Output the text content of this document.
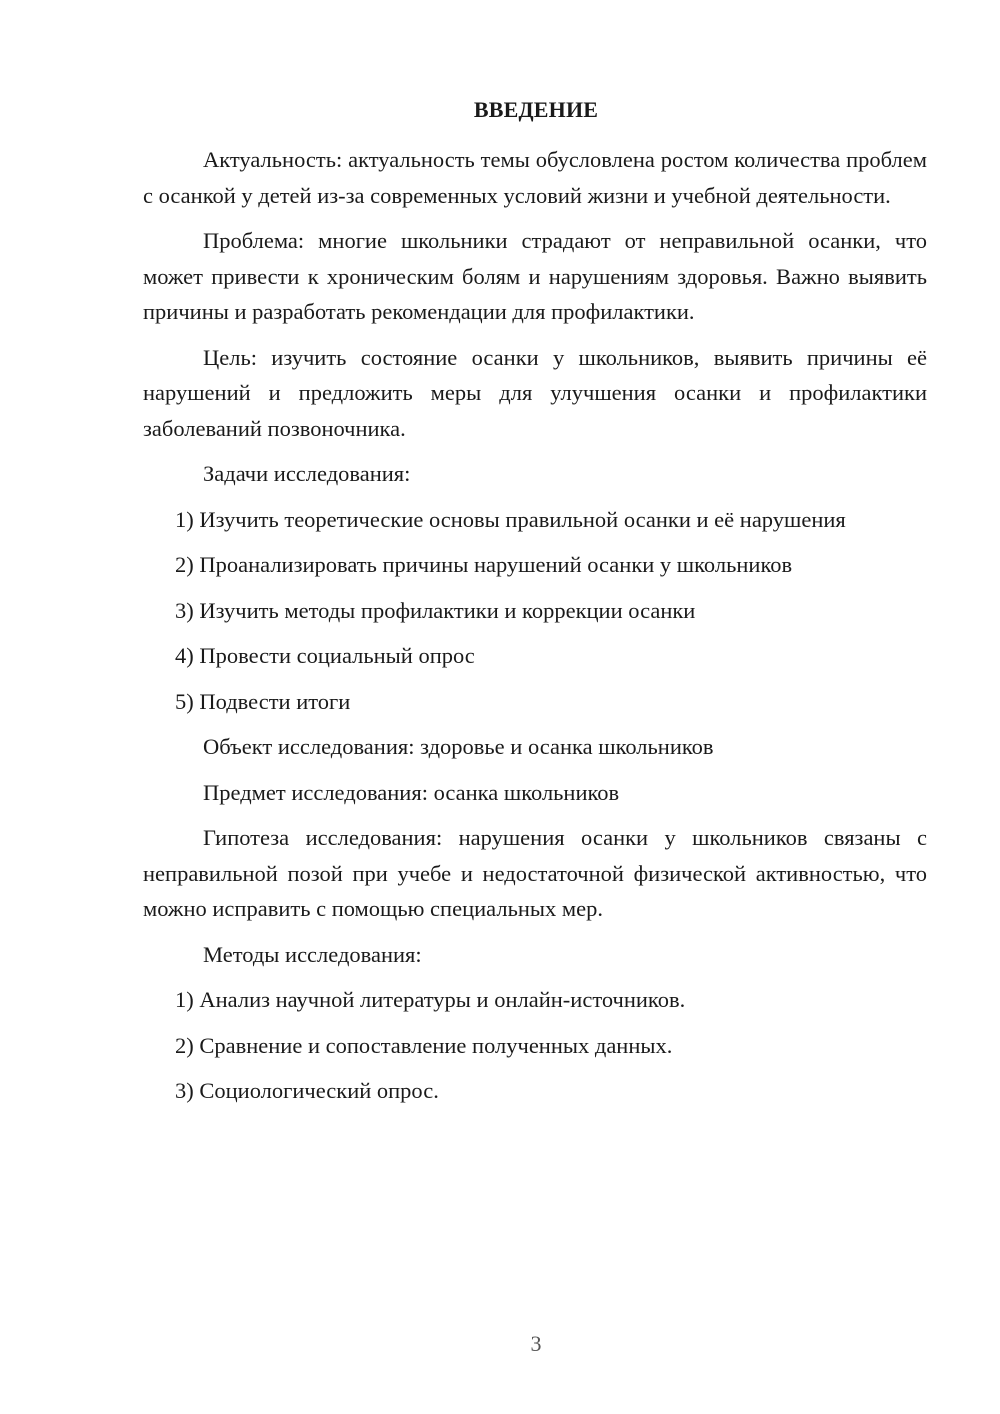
ВВЕДЕНИЕ

Актуальность: актуальность темы обусловлена ростом количества проблем с осанкой у детей из-за современных условий жизни и учебной деятельности.

Проблема: многие школьники страдают от неправильной осанки, что может привести к хроническим болям и нарушениям здоровья. Важно выявить причины и разработать рекомендации для профилактики.

Цель: изучить состояние осанки у школьников, выявить причины её нарушений и предложить меры для улучшения осанки и профилактики заболеваний позвоночника.

Задачи исследования:

1) Изучить теоретические основы правильной осанки и её нарушения

2) Проанализировать причины нарушений осанки у школьников

3) Изучить методы профилактики и коррекции осанки

4) Провести социальный опрос

5) Подвести итоги

Объект исследования: здоровье и осанка школьников

Предмет исследования: осанка школьников

Гипотеза исследования: нарушения осанки у школьников связаны с неправильной позой при учебе и недостаточной физической активностью, что можно исправить с помощью специальных мер.

Методы исследования:

1) Анализ научной литературы и онлайн-источников.

2) Сравнение и сопоставление полученных данных.

3) Социологический опрос.

3
